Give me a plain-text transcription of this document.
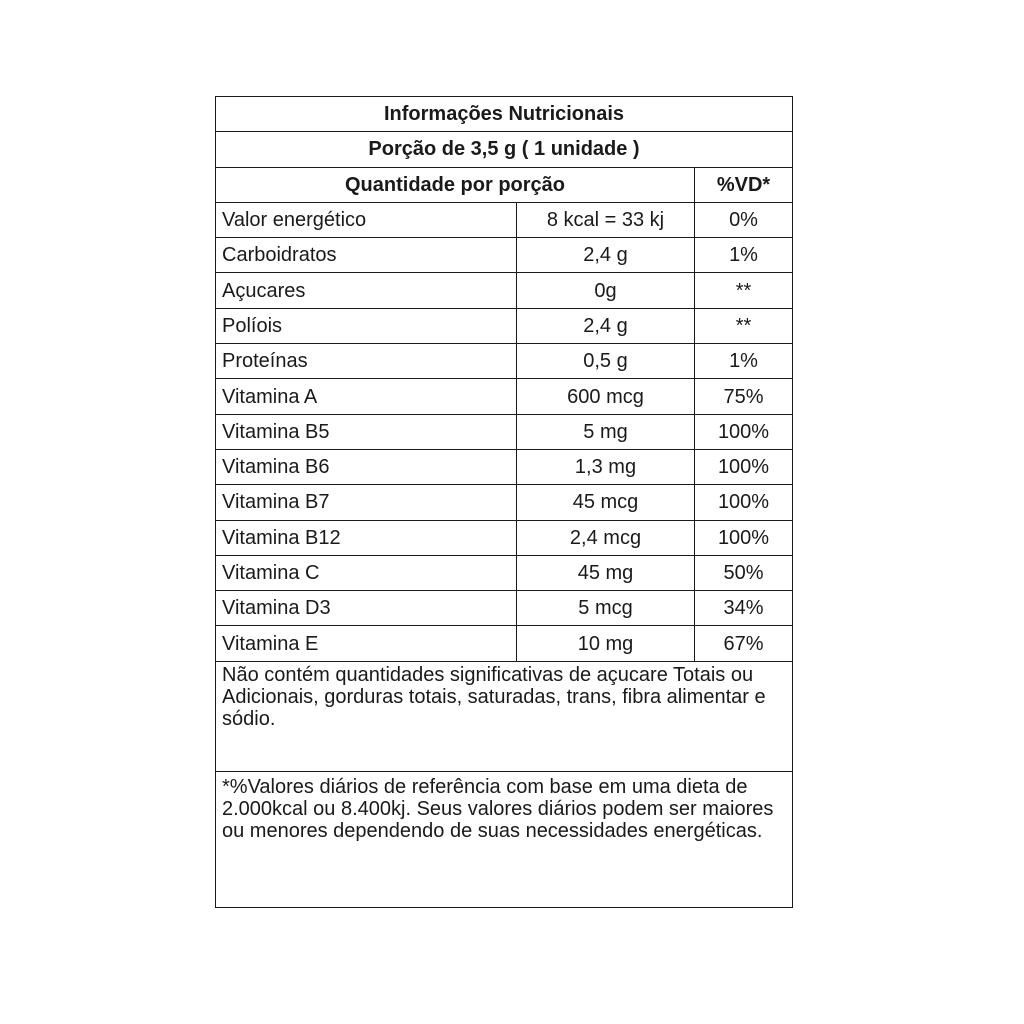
Informações Nutricionais		
Porção de 3,5 g ( 1 unidade )		
Quantidade por porção		%VD*
Valor energético	8 kcal = 33 kj	0%
Carboidratos	2,4 g	1%
Açucares	0g	**
Políois	2,4 g	**
Proteínas	0,5 g	1%
Vitamina A	600 mcg	75%
Vitamina B5	5 mg	100%
Vitamina B6	1,3 mg	100%
Vitamina B7	45 mcg	100%
Vitamina B12	2,4 mcg	100%
Vitamina C	45 mg	50%
Vitamina D3	5 mcg	34%
Vitamina E	10 mg	67%
Não contém quantidades significativas de açucare Totais ou Adicionais, gorduras totais, saturadas, trans, fibra alimentar e sódio.		
*%Valores diários de referência com base em uma dieta de 2.000kcal ou 8.400kj. Seus valores diários podem ser maiores ou menores dependendo de suas necessidades energéticas.		
